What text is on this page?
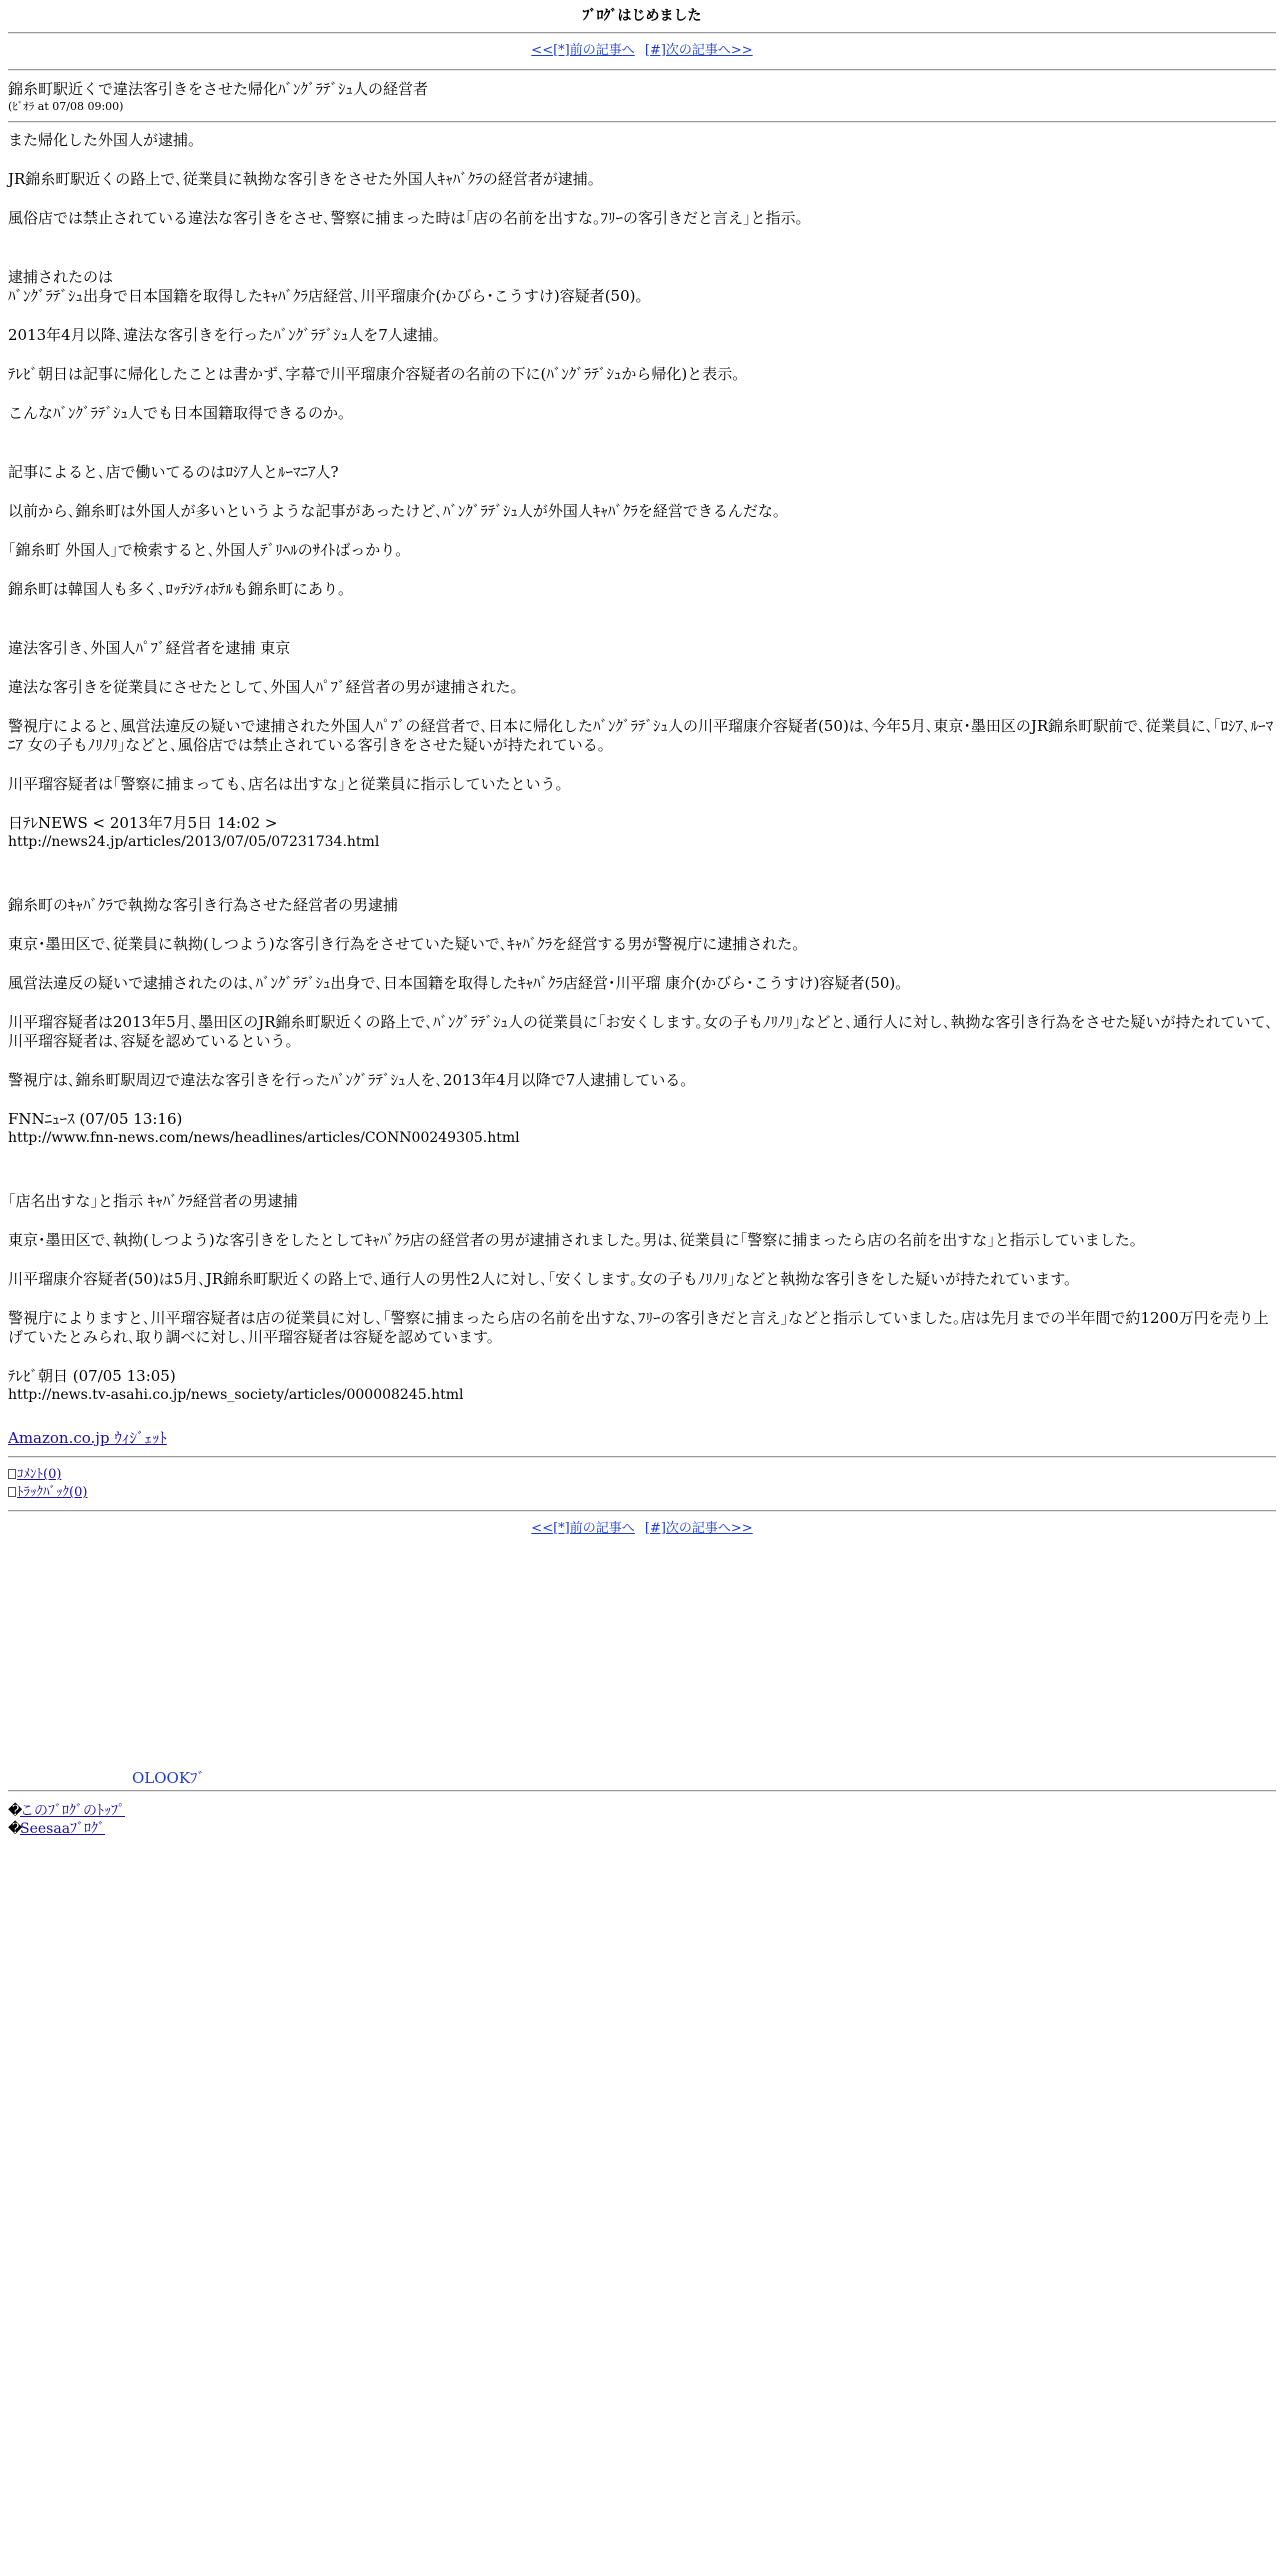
ﾌﾞﾛｸﾞはじめました
<<[*]前の記事へ [#]次の記事へ>>
錦糸町駅近くで違法客引きをさせた帰化ﾊﾞﾝｸﾞﾗﾃﾞｼｭ人の経営者
(ﾋﾞｵﾗ at 07/08 09:00)

また帰化した外国人が逮捕。

JR錦糸町駅近くの路上で､従業員に執拗な客引きをさせた外国人ｷｬﾊﾞｸﾗの経営者が逮捕。

風俗店では禁止されている違法な客引きをさせ､警察に捕まった時は｢店の名前を出すな｡ﾌﾘｰの客引きだと言え｣と指示。

逮捕されたのは

ﾊﾞﾝｸﾞﾗﾃﾞｼｭ出身で日本国籍を取得したｷｬﾊﾞｸﾗ店経営､川平瑠康介(かびら･こうすけ)容疑者(50)。

2013年4月以降､違法な客引きを行ったﾊﾞﾝｸﾞﾗﾃﾞｼｭ人を7人逮捕。

ﾃﾚﾋﾞ朝日は記事に帰化したことは書かず､字幕で川平瑠康介容疑者の名前の下に(ﾊﾞﾝｸﾞﾗﾃﾞｼｭから帰化)と表示。

こんなﾊﾞﾝｸﾞﾗﾃﾞｼｭ人でも日本国籍取得できるのか。

記事によると､店で働いてるのはﾛｼｱ人とﾙｰﾏﾆｱ人?

以前から､錦糸町は外国人が多いというような記事があったけど､ﾊﾞﾝｸﾞﾗﾃﾞｼｭ人が外国人ｷｬﾊﾞｸﾗを経営できるんだな。

｢錦糸町 外国人｣で検索すると､外国人ﾃﾞﾘﾍﾙのｻｲﾄばっかり。

錦糸町は韓国人も多く､ﾛｯﾃｼﾃｨﾎﾃﾙも錦糸町にあり。

違法客引き､外国人ﾊﾟﾌﾞ経営者を逮捕 東京

違法な客引きを従業員にさせたとして､外国人ﾊﾟﾌﾞ経営者の男が逮捕された。

警視庁によると､風営法違反の疑いで逮捕された外国人ﾊﾟﾌﾞの経営者で､日本に帰化したﾊﾞﾝｸﾞﾗﾃﾞｼｭ人の川平瑠康介容疑者(50)は､今年5月､東京･墨田区のJR錦糸町駅前で､従業員に､｢ﾛｼｱ､ﾙｰﾏﾆｱ 女の子もﾉﾘﾉﾘ｣などと､風俗店では禁止されている客引きをさせた疑いが持たれている。

川平瑠容疑者は｢警察に捕まっても､店名は出すな｣と従業員に指示していたという。

日ﾃﾚNEWS < 2013年7月5日 14:02 >
http://news24.jp/articles/2013/07/05/07231734.html

錦糸町のｷｬﾊﾞｸﾗで執拗な客引き行為させた経営者の男逮捕

東京･墨田区で､従業員に執拗(しつよう)な客引き行為をさせていた疑いで､ｷｬﾊﾞｸﾗを経営する男が警視庁に逮捕された。

風営法違反の疑いで逮捕されたのは､ﾊﾞﾝｸﾞﾗﾃﾞｼｭ出身で､日本国籍を取得したｷｬﾊﾞｸﾗ店経営･川平瑠 康介(かびら･こうすけ)容疑者(50)。

川平瑠容疑者は2013年5月､墨田区のJR錦糸町駅近くの路上で､ﾊﾞﾝｸﾞﾗﾃﾞｼｭ人の従業員に｢お安くします｡女の子もﾉﾘﾉﾘ｣などと､通行人に対し､執拗な客引き行為をさせた疑いが持たれていて､川平瑠容疑者は､容疑を認めているという。

警視庁は､錦糸町駅周辺で違法な客引きを行ったﾊﾞﾝｸﾞﾗﾃﾞｼｭ人を､2013年4月以降で7人逮捕している。

FNNﾆｭｰｽ (07/05 13:16)
http://www.fnn-news.com/news/headlines/articles/CONN00249305.html

｢店名出すな｣と指示 ｷｬﾊﾞｸﾗ経営者の男逮捕

東京･墨田区で､執拗(しつよう)な客引きをしたとしてｷｬﾊﾞｸﾗ店の経営者の男が逮捕されました｡男は､従業員に｢警察に捕まったら店の名前を出すな｣と指示していました。

川平瑠康介容疑者(50)は5月､JR錦糸町駅近くの路上で､通行人の男性2人に対し､｢安くします｡女の子もﾉﾘﾉﾘ｣などと執拗な客引きをした疑いが持たれています。

警視庁によりますと､川平瑠容疑者は店の従業員に対し､｢警察に捕まったら店の名前を出すな､ﾌﾘｰの客引きだと言え｣などと指示していました｡店は先月までの半年間で約1200万円を売り上げていたとみられ､取り調べに対し､川平瑠容疑者は容疑を認めています。

ﾃﾚﾋﾞ朝日 (07/05 13:05)
http://news.tv-asahi.co.jp/news_society/articles/000008245.html
Amazon.co.jp ｳｨｼﾞｪｯﾄ
ｺﾒﾝﾄ(0)
ﾄﾗｯｸﾊﾞｯｸ(0)
<<[*]前の記事へ [#]次の記事へ>>
OLOOKﾌﾞ
�このﾌﾞﾛｸﾞのﾄｯﾌﾟ
�Seesaaﾌﾞﾛｸﾞ
